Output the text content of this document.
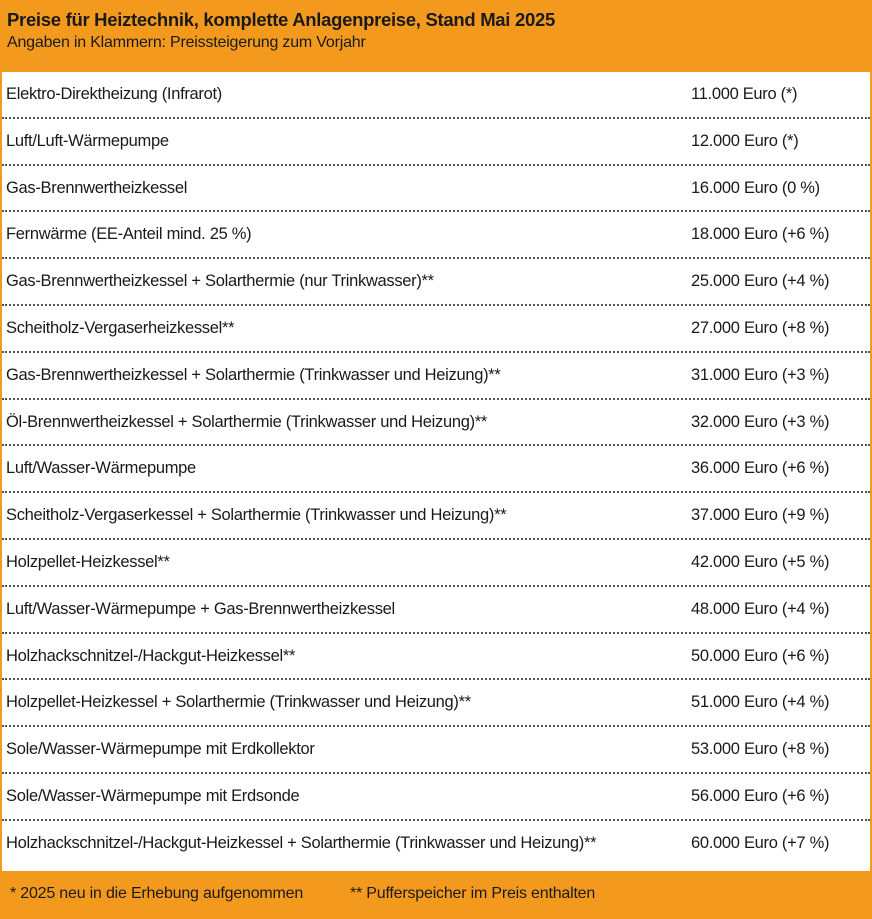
Preise für Heiztechnik, komplette Anlagenpreise, Stand Mai 2025
Angaben in Klammern: Preissteigerung zum Vorjahr
Elektro-Direktheizung (Infrarot)	11.000 Euro (*)
Luft/Luft-Wärmepumpe	12.000 Euro (*)
Gas-Brennwertheizkessel	16.000 Euro (0 %)
Fernwärme (EE-Anteil mind. 25 %)	18.000 Euro (+6 %)
Gas-Brennwertheizkessel + Solarthermie (nur Trinkwasser)**	25.000 Euro (+4 %)
Scheitholz-Vergaserheizkessel**	27.000 Euro (+8 %)
Gas-Brennwertheizkessel + Solarthermie (Trinkwasser und Heizung)**	31.000 Euro (+3 %)
Öl-Brennwertheizkessel + Solarthermie (Trinkwasser und Heizung)**	32.000 Euro (+3 %)
Luft/Wasser-Wärmepumpe	36.000 Euro (+6 %)
Scheitholz-Vergaserkessel + Solarthermie (Trinkwasser und Heizung)**	37.000 Euro (+9 %)
Holzpellet-Heizkessel**	42.000 Euro (+5 %)
Luft/Wasser-Wärmepumpe + Gas-Brennwertheizkessel	48.000 Euro (+4 %)
Holzhackschnitzel-/Hackgut-Heizkessel**	50.000 Euro (+6 %)
Holzpellet-Heizkessel + Solarthermie (Trinkwasser und Heizung)**	51.000 Euro (+4 %)
Sole/Wasser-Wärmepumpe mit Erdkollektor	53.000 Euro (+8 %)
Sole/Wasser-Wärmepumpe mit Erdsonde	56.000 Euro (+6 %)
Holzhackschnitzel-/Hackgut-Heizkessel + Solarthermie (Trinkwasser und Heizung)**	60.000 Euro (+7 %)
* 2025 neu in die Erhebung aufgenommen	** Pufferspeicher im Preis enthalten
